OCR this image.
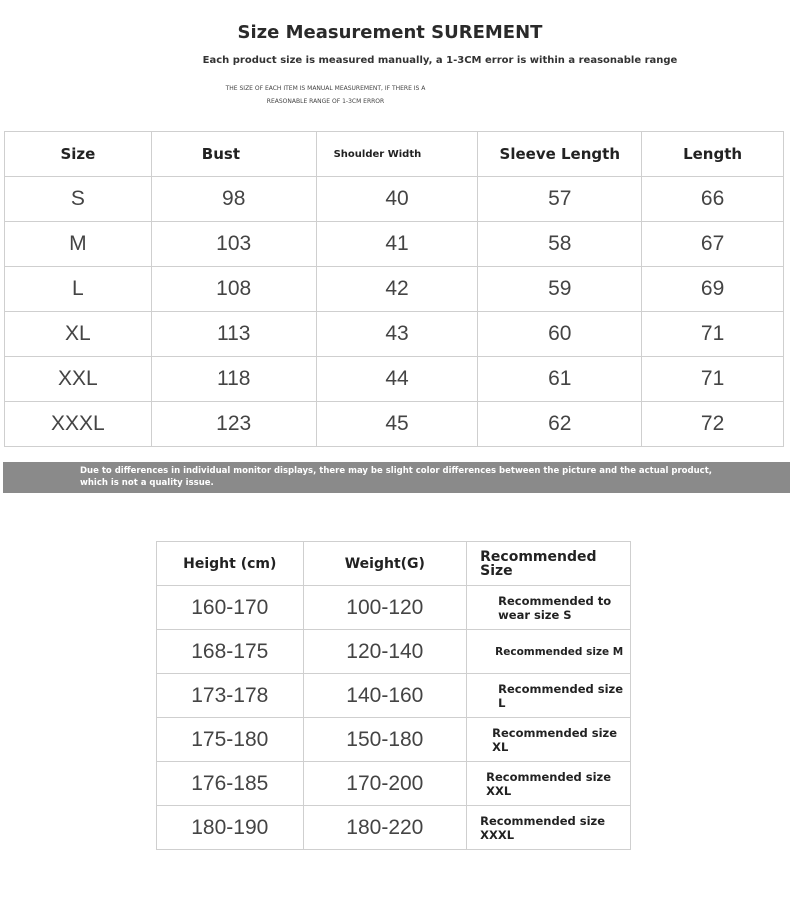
Size Measurement SUREMENT
Each product size is measured manually, a 1-3CM error is within a reasonable range
THE SIZE OF EACH ITEM IS MANUAL MEASUREMENT, IF THERE IS A
REASONABLE RANGE OF 1-3CM ERROR
Size	Bust	Shoulder Width	Sleeve Length	Length
S	98	40	57	66
M	103	41	58	67
L	108	42	59	69
XL	113	43	60	71
XXL	118	44	61	71
XXXL	123	45	62	72
Due to differences in individual monitor displays, there may be slight color differences between the picture and the actual product,
which is not a quality issue.
Height (cm)	Weight(G)	Recommended Size
160-170	100-120	Recommended to
wear size S

168-175	120-140	Recommended size M

173-178	140-160	Recommended size
L

175-180	150-180	Recommended size
XL

176-185	170-200	Recommended size
XXL

180-190	180-220	Recommended size
XXXL
